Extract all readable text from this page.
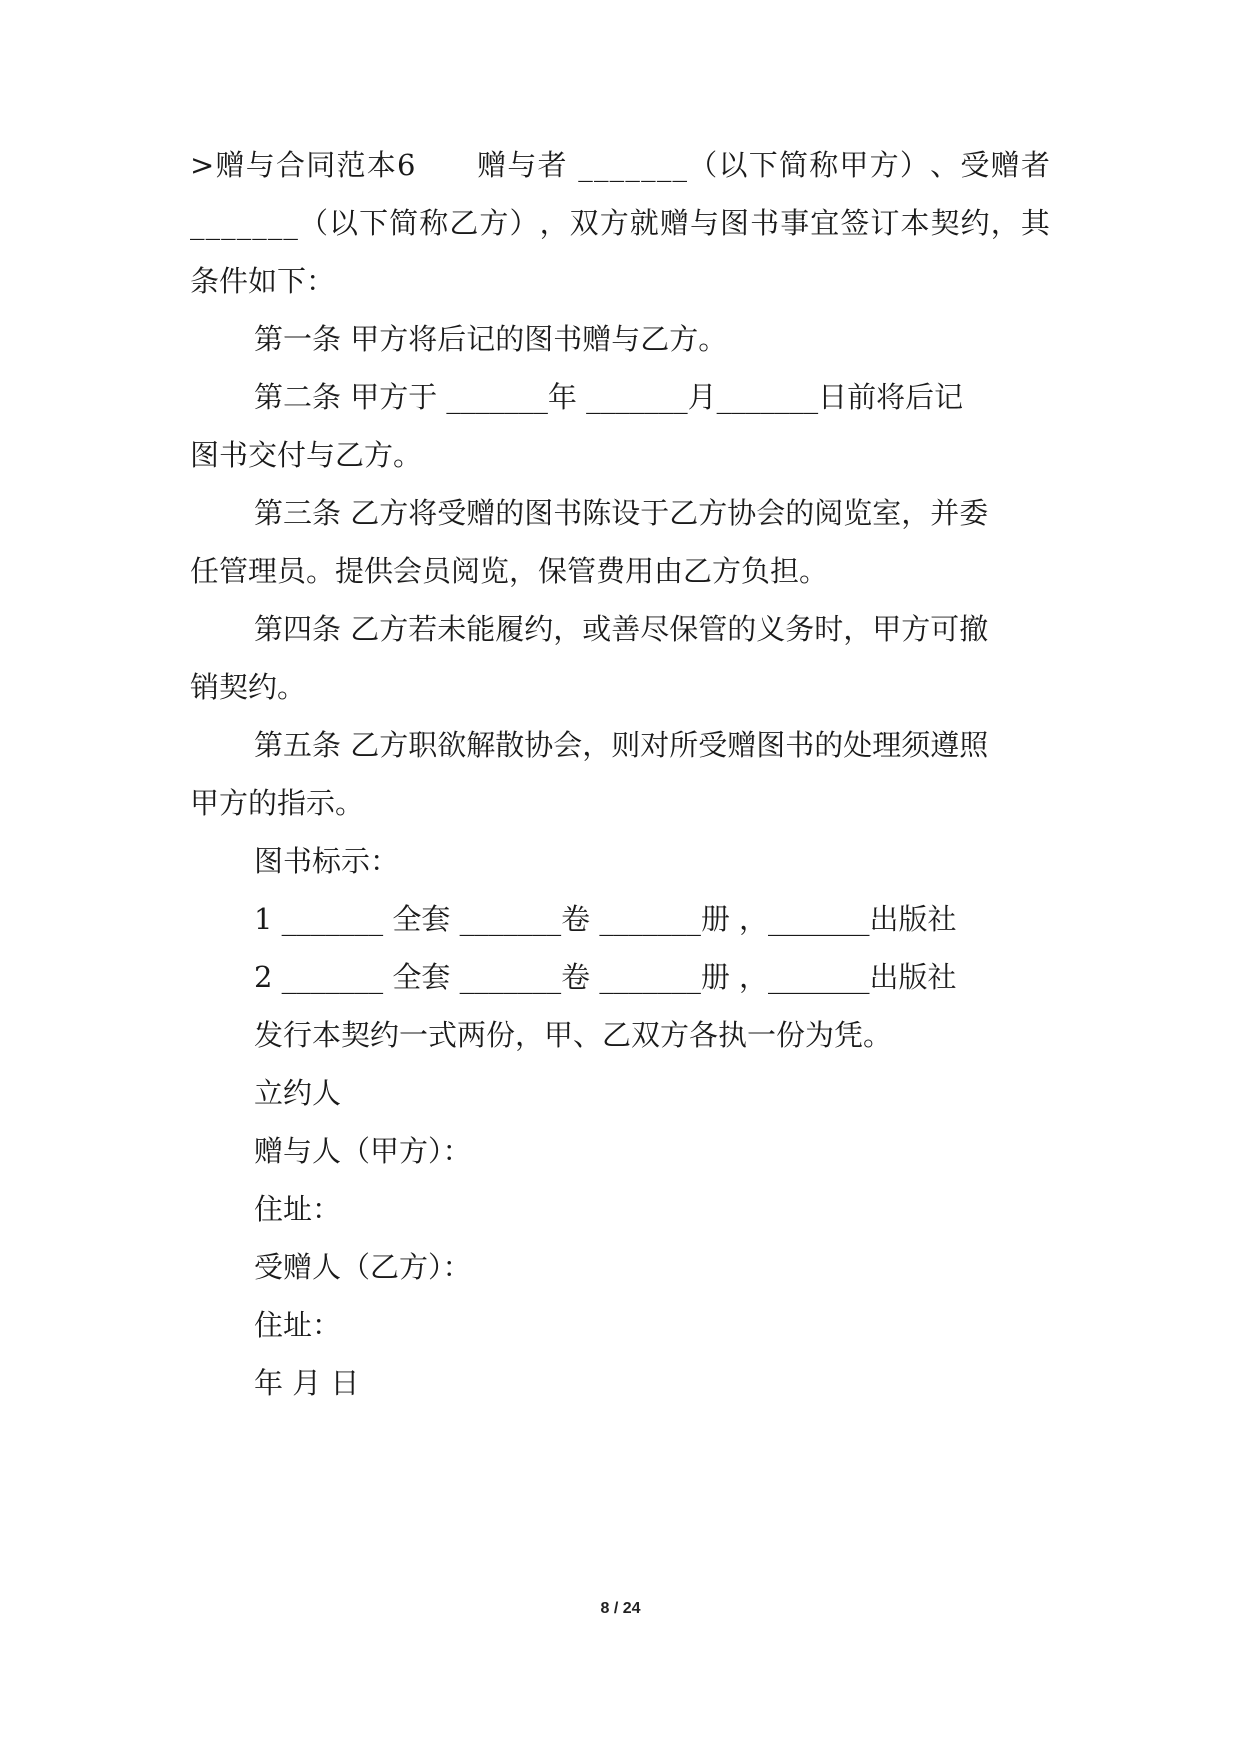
> 赠 与 合 同 范 本 6

　 赠 与 者
_ _ _ _ _ _ _ （ 以 下 简 称 甲 方 ） 、 受 赠 者

_ _ _ _ _ _ _ （ 以 下 简 称 乙 方 ） ， 双 方 就 赠 与 图 书 事 宜 签 订 本 契 约 ， 其

条件如下：

第一条 甲方将后记的图书赠与乙方。

第二条 甲方于 _______年 _______月_______日前将后记

图书交付与乙方。

第三条 乙方将受赠的图书陈设于乙方协会的阅览室，并委

任管理员。提供会员阅览，保管费用由乙方负担。

第四条 乙方若未能履约，或善尽保管的义务时，甲方可撤

销契约。

第五条 乙方职欲解散协会，则对所受赠图书的处理须遵照

甲方的指示。

图书标示：

1 _______ 全套 _______卷 _______册 ，_______出版社

2 _______ 全套 _______卷 _______册 ，_______出版社

发行本契约一式两份，甲、乙双方各执一份为凭。

立约人

赠与人（甲方）：

住址：

受赠人（乙方）：

住址：

年 月 日

8 / 24
